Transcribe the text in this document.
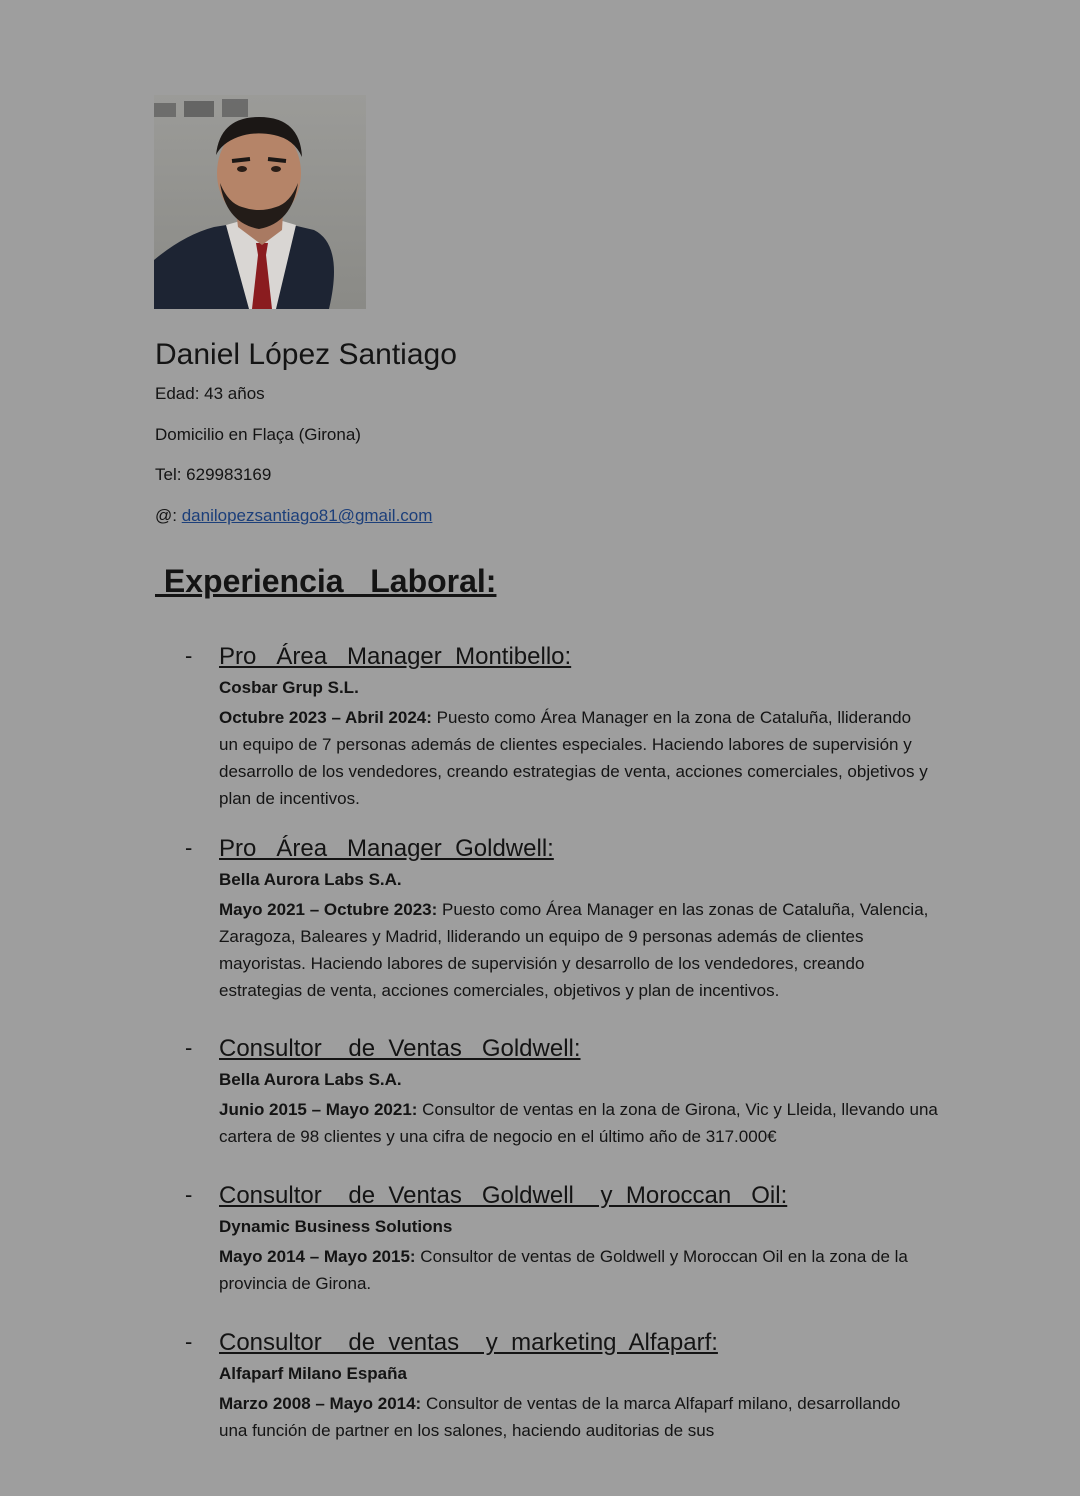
Daniel López Santiago

Edad: 43 años

Domicilio en Flaça (Girona)

Tel: 629983169

@: danilopezsantiago81@gmail.com

Experiencia   Laboral:
- Pro   Área   Manager  Montibello:
Cosbar Grup S.L.

Octubre 2023 – Abril 2024: Puesto como Área Manager en la zona de Cataluña, lliderando un equipo de 7 personas además de clientes especiales. Haciendo labores de supervisión y desarrollo de los vendedores, creando estrategias de venta, acciones comerciales, objetivos y plan de incentivos.

- Pro   Área   Manager  Goldwell:
Bella Aurora Labs S.A.

Mayo 2021 – Octubre 2023: Puesto como Área Manager en las zonas de Cataluña, Valencia, Zaragoza, Baleares y Madrid, lliderando un equipo de 9 personas además de clientes mayoristas. Haciendo labores de supervisión y desarrollo de los vendedores, creando estrategias de venta, acciones comerciales, objetivos y plan de incentivos.

- Consultor    de  Ventas   Goldwell:
Bella Aurora Labs S.A.

Junio 2015 – Mayo 2021: Consultor de ventas en la zona de Girona, Vic y Lleida, llevando una cartera de 98 clientes y una cifra de negocio en el último año de 317.000€

- Consultor    de  Ventas   Goldwell    y  Moroccan   Oil:
Dynamic Business Solutions

Mayo 2014 – Mayo 2015: Consultor de ventas de Goldwell y Moroccan Oil en la zona de la provincia de Girona.

- Consultor    de  ventas    y  marketing  Alfaparf:
Alfaparf Milano España

Marzo 2008 – Mayo 2014: Consultor de ventas de la marca Alfaparf milano, desarrollando una función de partner en los salones, haciendo auditorias de sus
